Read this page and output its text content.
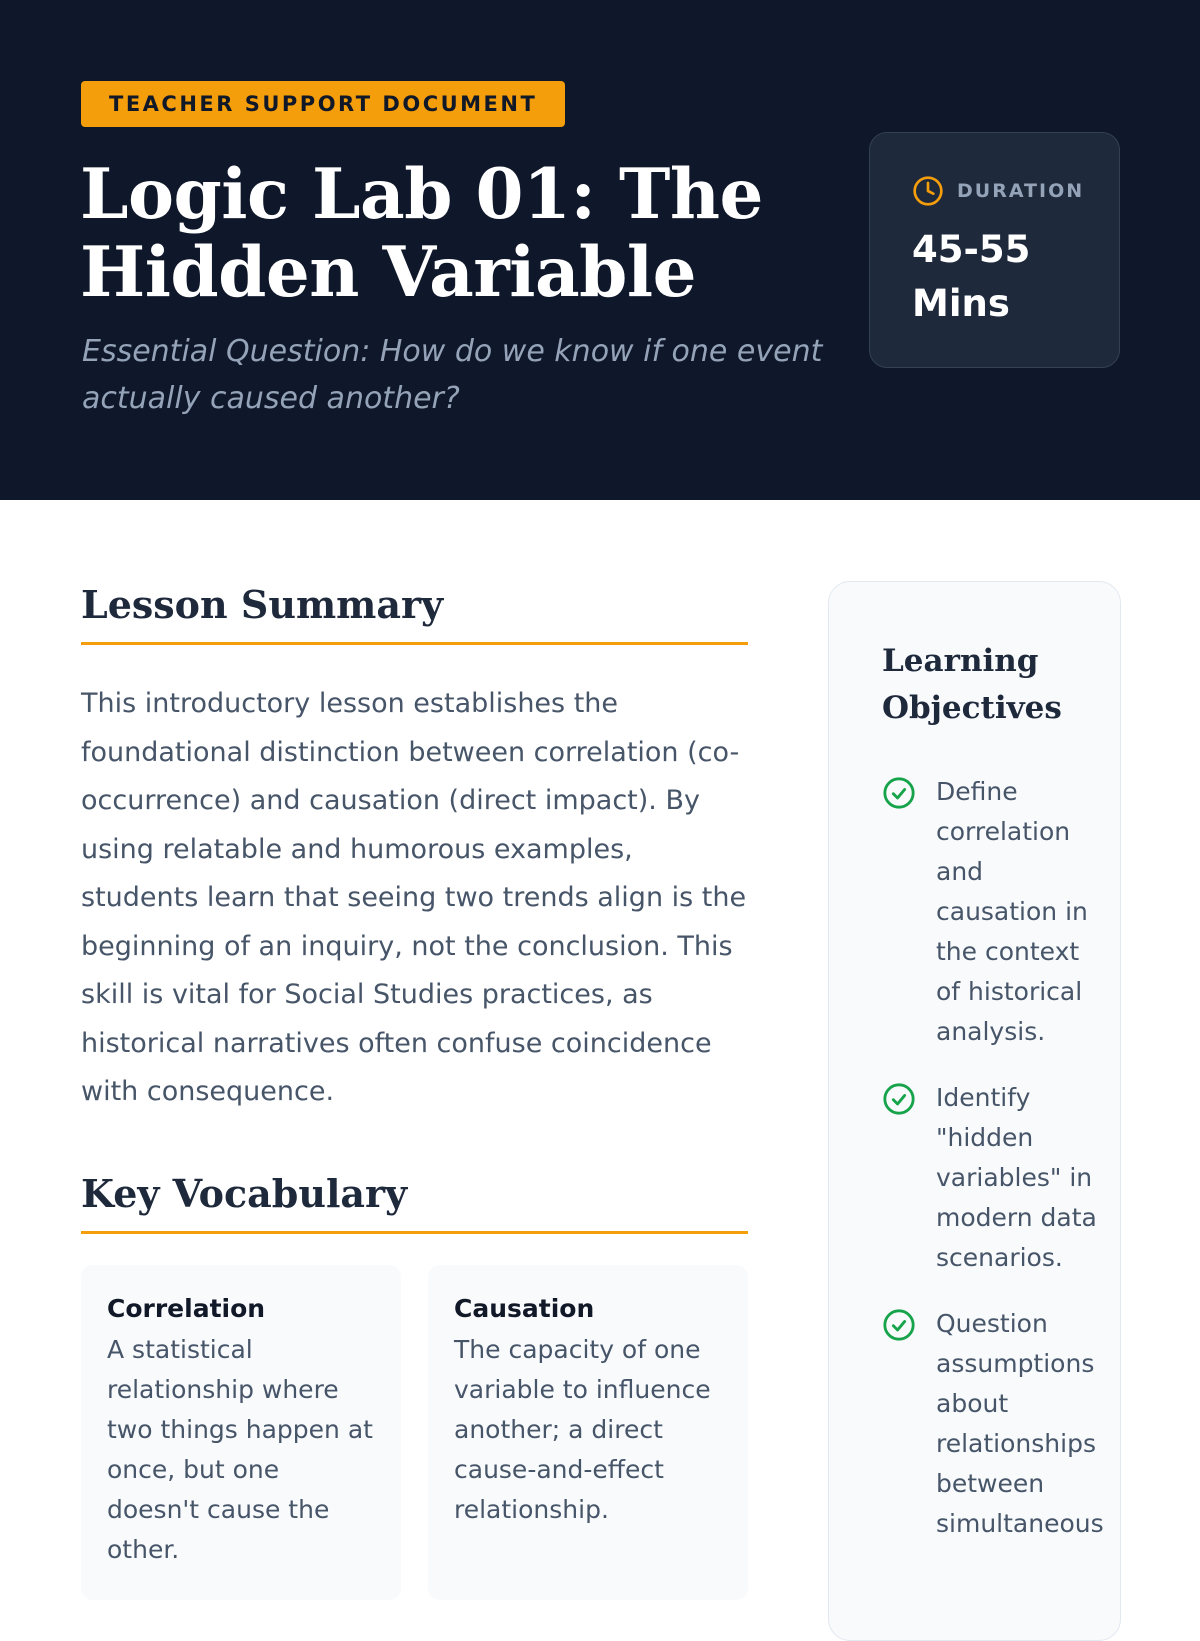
TEACHER SUPPORT DOCUMENT
Logic Lab 01: The Hidden Variable

Essential Question: How do we know if one event actually caused another?

DURATION
45-55 Mins
Lesson Summary

This introductory lesson establishes the foundational distinction between correlation (co-occurrence) and causation (direct impact). By using relatable and humorous examples, students learn that seeing two trends align is the beginning of an inquiry, not the conclusion. This skill is vital for Social Studies practices, as historical narratives often confuse coincidence with consequence.

Key Vocabulary
Correlation
A statistical relationship where two things happen at once, but one doesn't cause the other.
Causation
The capacity of one variable to influence another; a direct cause-and-effect relationship.
Learning Objectives
Define correlation and causation in the context of historical analysis.
Identify "hidden variables" in modern data scenarios.
Question assumptions about relationships between simultaneous
